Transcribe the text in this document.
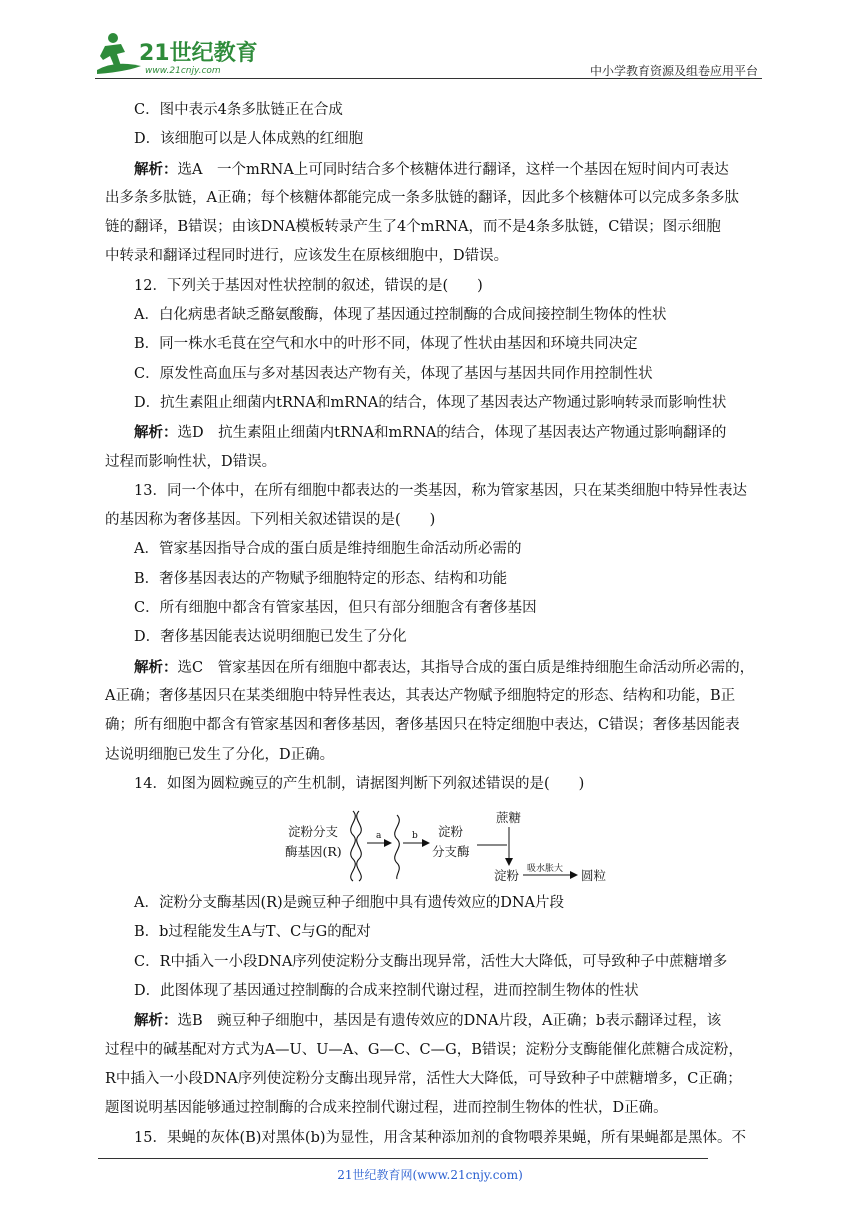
21世纪教育
www.21cnjy.com	中小学教育资源及组卷应用平台
C．图中表示4条多肽链正在合成
D．该细胞可以是人体成熟的红细胞
解析：选A　 一个mRNA上可同时结合多个核糖体进行翻译，这样一个基因在短时间内可表达
出多条多肽链，A正确；每个核糖体都能完成一条多肽链的翻译，因此多个核糖体可以完成多条多肽
链的翻译，B错误；由该DNA模板转录产生了4个mRNA，而不是4条多肽链，C错误；图示细胞
中转录和翻译过程同时进行，应该发生在原核细胞中，D错误。
12．下列关于基因对性状控制的叙述，错误的是(　　)
A．白化病患者缺乏酪氨酸酶，体现了基因通过控制酶的合成间接控制生物体的性状
B．同一株水毛茛在空气和水中的叶形不同，体现了性状由基因和环境共同决定
C．原发性高血压与多对基因表达产物有关，体现了基因与基因共同作用控制性状
D．抗生素阻止细菌内tRNA和mRNA的结合，体现了基因表达产物通过影响转录而影响性状
解析：选D　 抗生素阻止细菌内tRNA和mRNA的结合，体现了基因表达产物通过影响翻译的
过程而影响性状，D错误。
13．同一个体中，在所有细胞中都表达的一类基因，称为管家基因，只在某类细胞中特异性表达
的基因称为奢侈基因。下列相关叙述错误的是(　　)
A．管家基因指导合成的蛋白质是维持细胞生命活动所必需的
B．奢侈基因表达的产物赋予细胞特定的形态、结构和功能
C．所有细胞中都含有管家基因，但只有部分细胞含有奢侈基因
D．奢侈基因能表达说明细胞已发生了分化
解析：选C　 管家基因在所有细胞中都表达，其指导合成的蛋白质是维持细胞生命活动所必需的，
A正确；奢侈基因只在某类细胞中特异性表达，其表达产物赋予细胞特定的形态、结构和功能，B正
确；所有细胞中都含有管家基因和奢侈基因，奢侈基因只在特定细胞中表达，C错误；奢侈基因能表
达说明细胞已发生了分化，D正确。
14．如图为圆粒豌豆的产生机制，请据图判断下列叙述错误的是(　　)
淀粉分支
酶基因(R)
淀粉
分支酶
蔗糖
淀粉	圆粒
a	b
吸水胀大
A．淀粉分支酶基因(R)是豌豆种子细胞中具有遗传效应的DNA片段
B．b过程能发生A与T、C与G的配对
C．R中插入一小段DNA序列使淀粉分支酶出现异常，活性大大降低，可导致种子中蔗糖增多
D．此图体现了基因通过控制酶的合成来控制代谢过程，进而控制生物体的性状
解析：选B　 豌豆种子细胞中，基因是有遗传效应的DNA片段，A正确；b表示翻译过程，该
过程中的碱基配对方式为A—U、U—A、G—C、C—G，B错误；淀粉分支酶能催化蔗糖合成淀粉，
R中插入一小段DNA序列使淀粉分支酶出现异常，活性大大降低，可导致种子中蔗糖增多，C正确；
题图说明基因能够通过控制酶的合成来控制代谢过程，进而控制生物体的性状，D正确。
15．果蝇的灰体(B)对黑体(b)为显性，用含某种添加剂的食物喂养果蝇，所有果蝇都是黑体。不
21世纪教育网(www.21cnjy.com)
